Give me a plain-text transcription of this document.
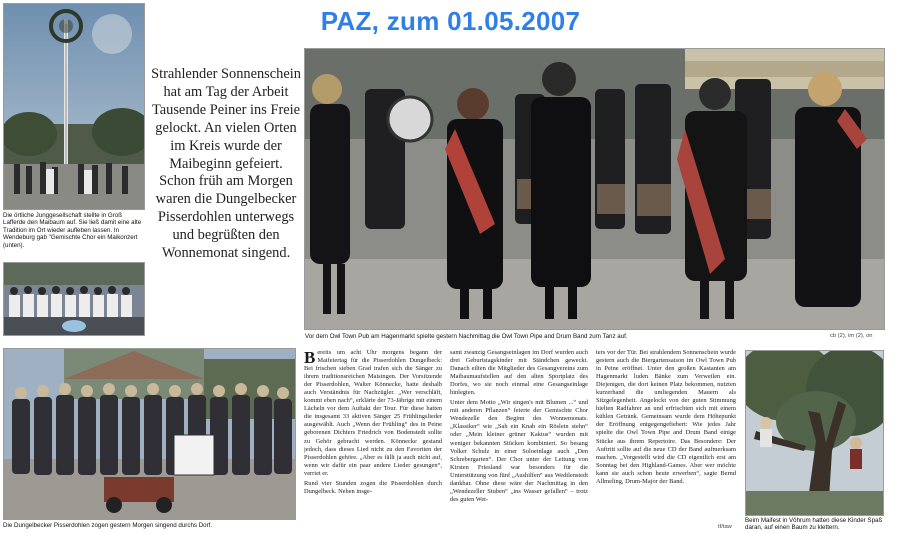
PAZ, zum 01.05.2007
Die örtliche Junggesellschaft stellte in Groß Lafferde den Maibaum auf. Sie ließ damit eine alte Tradition im Ort wieder aufleben lassen. In Wendeburg gab "Gemischte Chor ein Maikonzert (unten).
Strahlender Sonnenschein hat am Tag der Arbeit Tausende Peiner ins Freie gelockt. An vielen Orten im Kreis wurde der Maibeginn gefeiert. Schon früh am Morgen waren die Dungelbecker Pisserdohlen unterwegs und begrüßten den Wonnemonat singend.
Vor dem Owl Town Pub am Hagenmarkt spielte gestern Nachmittag die Owl Town Pipe and Drum Band zum Tanz auf.	cb (2), im (2), on
Die Dungelbecker Pisserdohlen zogen gestern Morgen singend durchs Dorf.

Bereits um acht Uhr morgens begann der Maifeiertag für die Pisserdohlen Dungelbeck: Bei frischen sieben Grad trafen sich die Sänger zu ihrem traditionsreichen Maisingen. Der Vorsitzende der Pisserdohlen, Walter Könnecke, hatte deshalb auch Verständnis für Nachzügler. „Wer verschläft, kommt eben nach“, erklärte der 73-Jährige mit einem Lächeln vor dem Auftakt der Tour. Für diese hatten die insgesamt 33 aktiven Sänger 25 Frühlingslieder ausgewählt. Auch „Wenn der Frühling“ des in Peine geborenen Dichters Friedrich von Bodenstedt sollte zu Gehör gebracht werden. Könnecke gestand jedoch, dass dieses Lied nicht zu den Favoriten der Pisserdohlen gehöre. „Aber es fällt ja auch nicht auf, wenn wir dafür ein paar andere Lieder gesungen“, verriet er.

Rund vier Stunden zogen die Pisserdohlen durch Dungelbeck. Neben insge-

samt zwanzig Gesangseinlagen im Dorf wurden auch drei Geburtstagskinder mit Ständchen geweckt. Danach eilten die Mitglieder des Gesangvereins zum Maibaumaufstellen auf den alten Sportplatz des Dorfes, wo sie noch einmal eine Gesangseinlage hinlegten.

Unter dem Motto „Wir singen's mit Blumen ...“ und mit anderen Pflanzen“ feierte der Gemischte Chor Wendezelle den Beginn des Wonnemonats. „Klassiker“ wie „Sah ein Knab ein Röslein stehn“ oder „Mein kleiner grüner Kaktus“ wurden mit weniger bekannten Stücken kombiniert. So besang Volker Schulz in einer Soloeinlage auch „Den Schrebergarten“. Der Chor unter der Leitung von Kirsten Friesland war besonders für die Unterstützung von fünf „Aushilfen“ aus Wedtlenstedt dankbar. Ohne diese wäre der Nachmittag in den „Wendezeller Stuben“ „ins Wasser gefallen“ – trotz des guten Wet-

ters vor der Tür. Bei strahlendem Sonnenschein wurde gestern auch die Biergartensaison im Owl Town Pub in Peine eröffnet. Unter den großen Kastanien am Hagenmarkt luden Bänke zum Verweilen ein. Diejenigen, die dort keinen Platz bekommen, nutzten kurzerhand die umliegenden Mauern als Sitzgelegenheit. Angelockt von der guten Stimmung hielten Radfahrer an und erfrischten sich mit einem kühlen Getränk. Gemeinsam wurde dem Höhepunkt der Eröffnung entgegengefiebert: Wie jedes Jahr spielte die Owl Town Pipe and Drum Band einige Stücke aus ihrem Repertoire. Das Besondere: Der Auftritt sollte auf die neue CD der Band aufmerksam machen. „Vorgestellt wird die CD eigentlich erst am Sonntag bei den Highland-Games. Aber wer möchte kann sie auch schon heute erwerben“, sagte Bernd Allmeling, Drum-Major der Band.

tf/taw
Beim Maifest in Vöhrum hatten diese Kinder Spaß daran, auf einen Baum zu klettern.
